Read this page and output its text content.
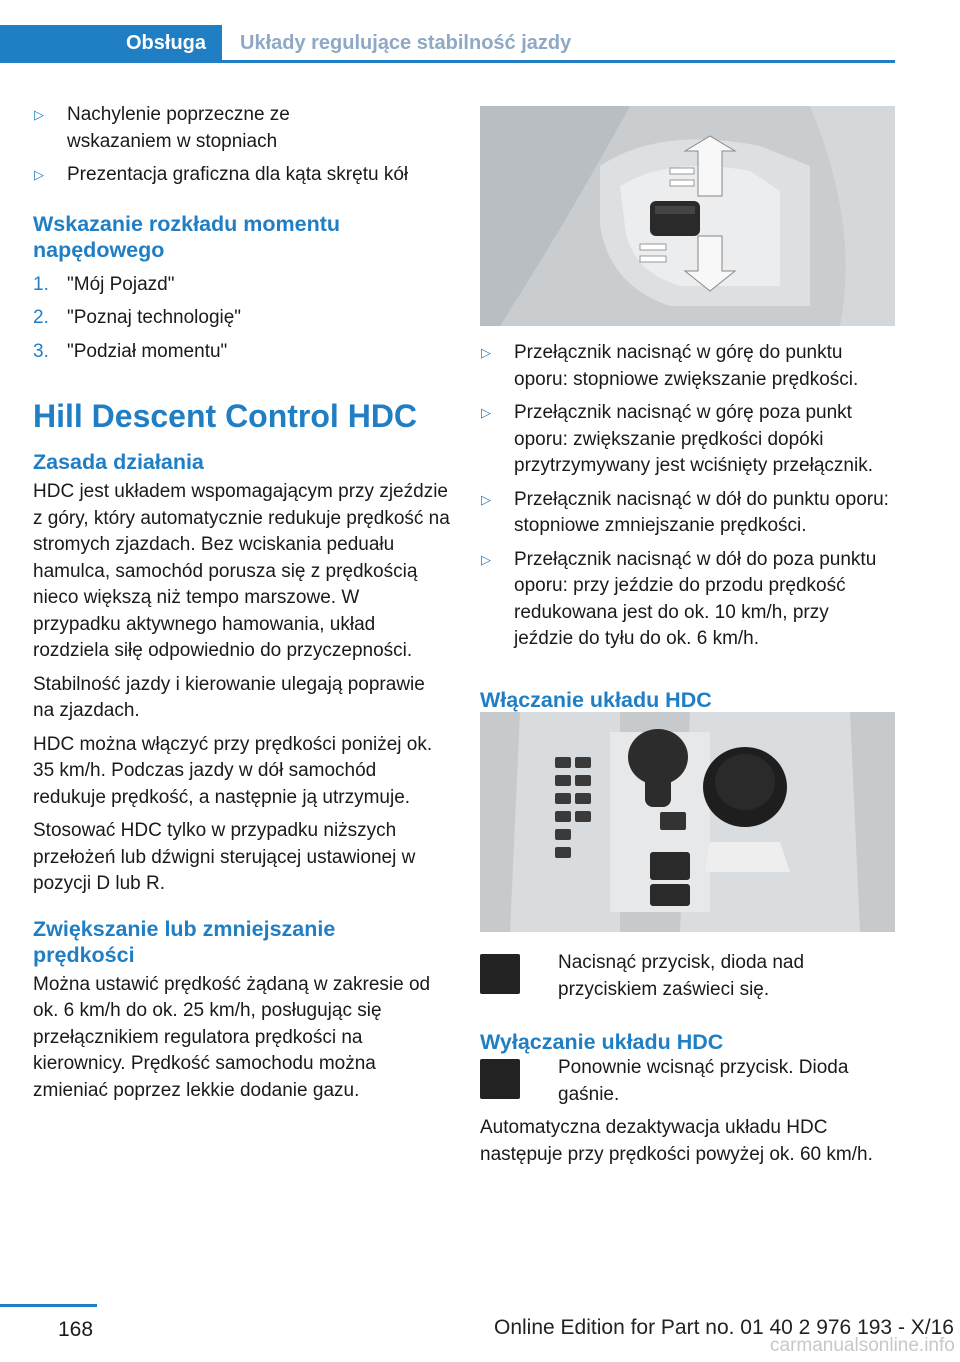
Obsługa	Układy regulujące stabilność jazdy
▷	Nachylenie poprzeczne ze wskazaniem w stopniach
▷	Prezentacja graficzna dla kąta skrętu kół
Wskazanie rozkładu momentu napędowego
1. "Mój Pojazd"
2. "Poznaj technologię"
3. "Podział momentu"
Hill Descent Control HDC
Zasada działania

HDC jest układem wspomagającym przy zjeździe z góry, który automatycznie redukuje prędkość na stromych zjazdach. Bez wciskania peduału hamulca, samochód porusza się z prędkością nieco większą niż tempo marszowe. W przypadku aktywnego hamowania, układ rozdziela siłę odpowiednio do przyczepności.

Stabilność jazdy i kierowanie ulegają poprawie na zjazdach.

HDC można włączyć przy prędkości poniżej ok. 35 km/h. Podczas jazdy w dół samochód redukuje prędkość, a następnie ją utrzymuje.

Stosować HDC tylko w przypadku niższych przełożeń lub dźwigni sterującej ustawionej w pozycji D lub R.

Zwiększanie lub zmniejszanie prędkości

Można ustawić prędkość żądaną w zakresie od ok. 6 km/h do ok. 25 km/h, posługując się przełącznikiem regulatora prędkości na kierownicy. Prędkość samochodu można zmieniać poprzez lekkie dodanie gazu.

▷	Przełącznik nacisnąć w górę do punktu oporu: stopniowe zwiększanie prędkości.
▷	Przełącznik nacisnąć w górę poza punkt oporu: zwiększanie prędkości dopóki przytrzymywany jest wciśnięty przełącznik.
▷	Przełącznik nacisnąć w dół do punktu oporu: stopniowe zmniejszanie prędkości.
▷	Przełącznik nacisnąć w dół do poza punktu oporu: przy jeździe do przodu prędkość redukowana jest do ok. 10 km/h, przy jeździe do tyłu do ok. 6 km/h.
Włączanie układu HDC

Nacisnąć przycisk, dioda nad przyciskiem zaświeci się.

Wyłączanie układu HDC

Ponownie wcisnąć przycisk. Dioda gaśnie.

Automatyczna dezaktywacja układu HDC następuje przy prędkości powyżej ok. 60 km/h.

168	Online Edition for Part no. 01 40 2 976 193 - X/16
carmanualsonline.info
